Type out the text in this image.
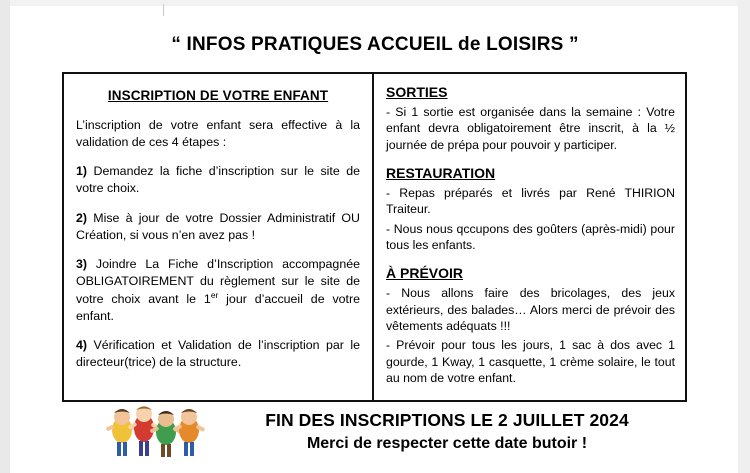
“ INFOS PRATIQUES ACCUEIL de LOISIRS ”
INSCRIPTION DE VOTRE ENFANT

L’inscription de votre enfant sera effective à la validation de ces 4 étapes :

1) Demandez la fiche d’inscription sur le site de votre choix.

2) Mise à jour de votre Dossier Administratif OU Création, si vous n’en avez pas !

3) Joindre La Fiche d’Inscription accompagnée OBLIGATOIREMENT du règlement sur le site de votre choix avant le 1er jour d’accueil de votre enfant.

4) Vérification et Validation de l’inscription par le directeur(trice) de la structure.

SORTIES

- Si 1 sortie est organisée dans la semaine : Votre enfant devra obligatoirement être inscrit, à la ½ journée de prépa pour pouvoir y participer.

RESTAURATION

- Repas préparés et livrés par René THIRION Traiteur.

- Nous nous qccupons des goûters (après-midi) pour tous les enfants.

À PRÉVOIR

- Nous allons faire des bricolages, des jeux extérieurs, des balades… Alors merci de prévoir des vêtements adéquats !!!

- Prévoir pour tous les jours, 1 sac à dos avec 1 gourde, 1 Kway, 1 casquette, 1 crème solaire, le tout au nom de votre enfant.

FIN DES INSCRIPTIONS LE 2 JUILLET 2024
Merci de respecter cette date butoir !
